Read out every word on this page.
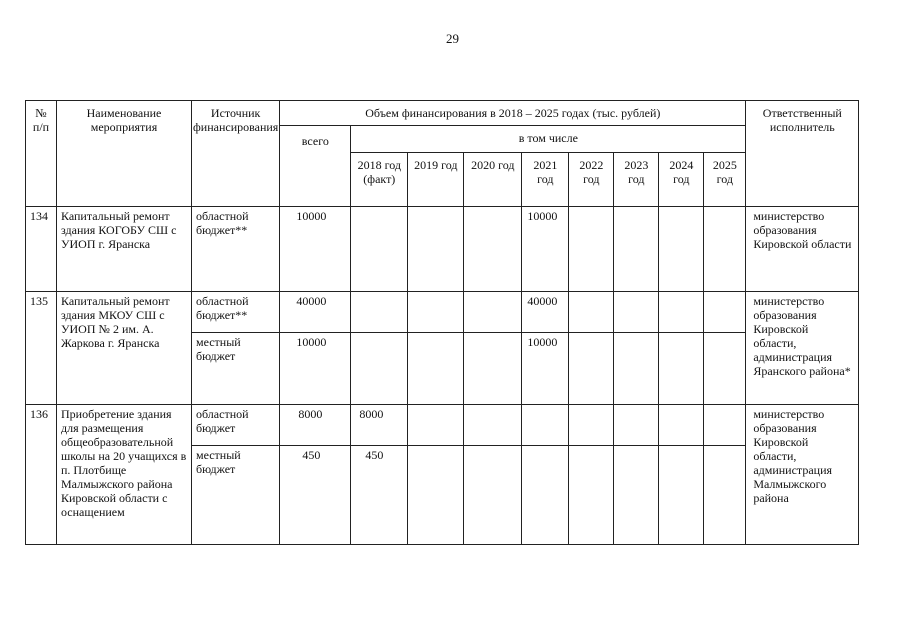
29
№ п/п	Наименование мероприятия	Источник финансирования	Объем финансирования в 2018 – 2025 годах (тыс. рублей)									Ответственный исполнитель
			всего	в том числе								
				2018 год (факт)	2019 год	2020 год	2021 год	2022 год	2023 год	2024 год	2025 год	
134	Капитальный ремонт здания КОГОБУ СШ с УИОП г. Яранска	областной бюджет**	10000				10000					министерство образования Кировской области
135	Капитальный ремонт здания МКОУ СШ с УИОП № 2 им. А. Жаркова г. Яранска	областной бюджет**	40000				40000					министерство образования Кировской области, администрация Яранского района*
		местный бюджет	10000				10000					
136	Приобретение здания для размещения общеобразовательной школы на 20 учащихся в п. Плотбище Малмыжского района Кировской области с оснащением	областной бюджет	8000	8000								министерство образования Кировской области, администрация Малмыжского района
		местный бюджет	450	450								
